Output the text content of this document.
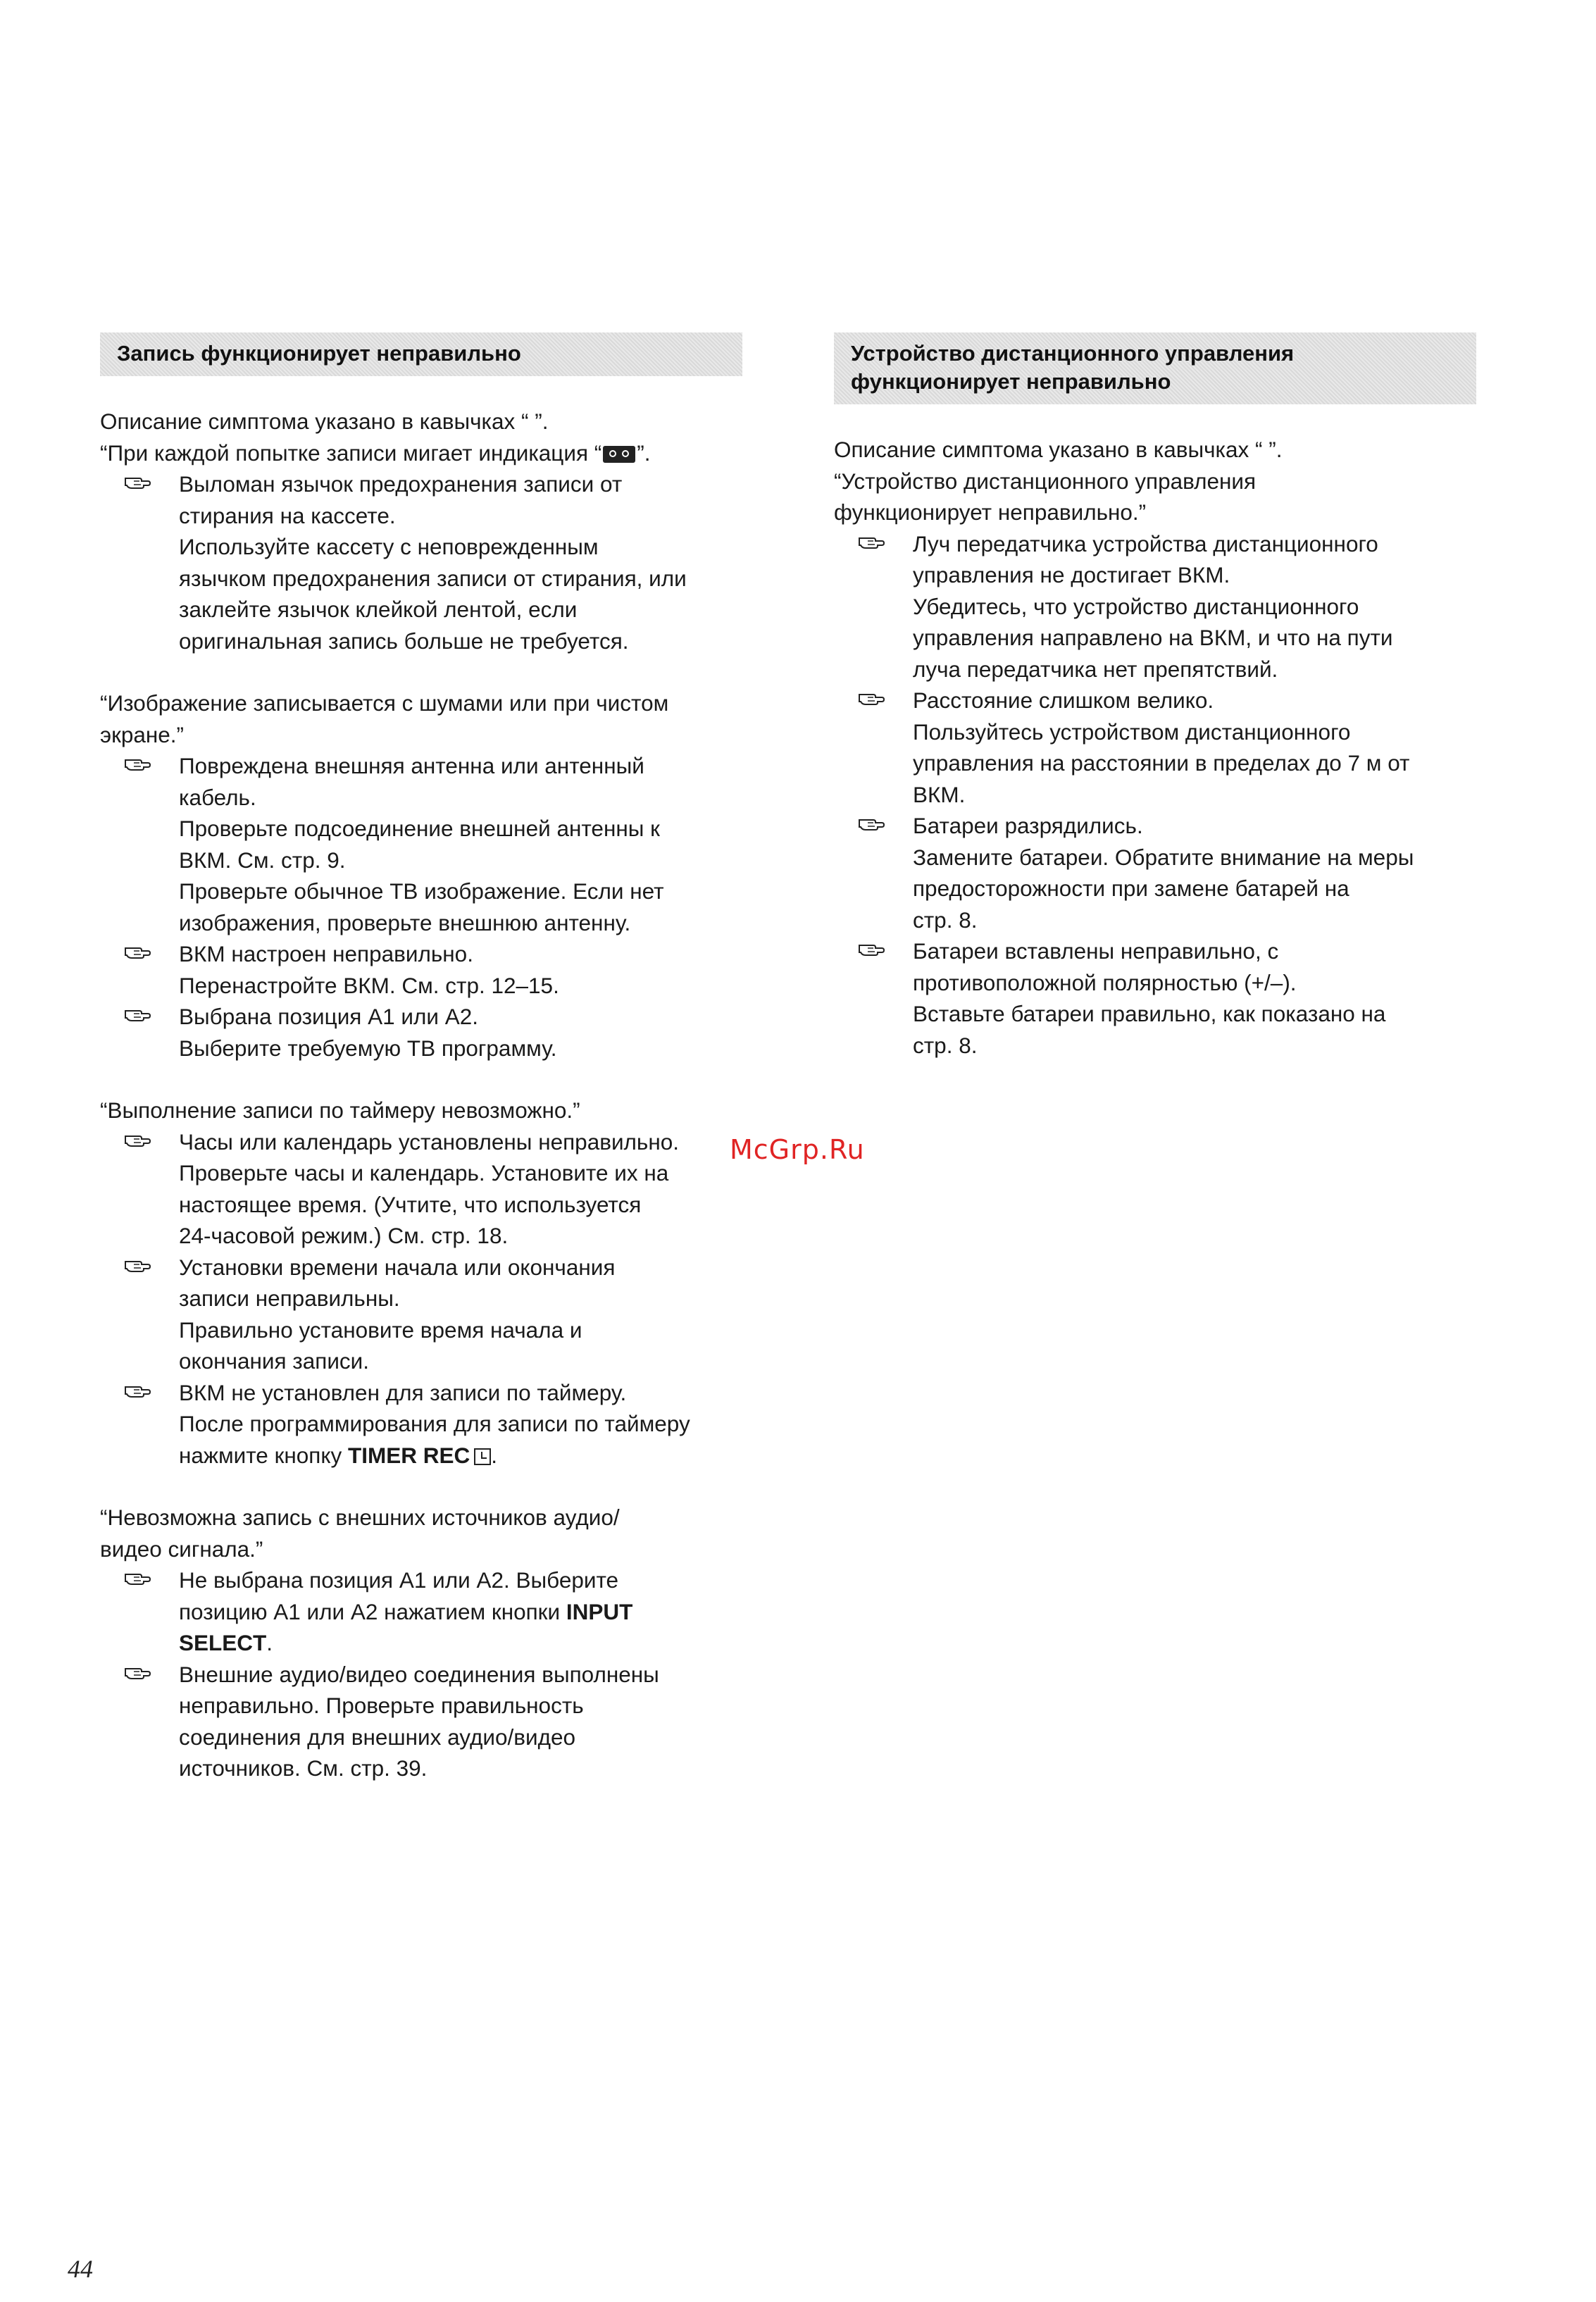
Запись функционирует неправильно
Описание симптома указано в кавычках “ ”.
“При каждой попытке записи мигает индикация “ ”.
Выломан язычок предохранения записи от
стирания на кассете.
Используйте кассету с неповрежденным
язычком предохранения записи от стирания, или
заклейте язычок клейкой лентой, если
оригинальная запись больше не требуется.
“Изображение записывается с шумами или при чистом
экране.”
Повреждена внешняя антенна или антенный
кабель.
Проверьте подсоединение внешней антенны к
ВКМ. См. стр. 9.
Проверьте обычное ТВ изображение. Если нет
изображения, проверьте внешнюю антенну.
ВКМ настроен неправильно.
Перенастройте ВКМ. См. стр. 12–15.
Выбрана позиция А1 или А2.
Выберите требуемую ТВ программу.
“Выполнение записи по таймеру невозможно.”
Часы или календарь установлены неправильно.
Проверьте часы и календарь. Установите их на
настоящее время. (Учтите, что используется
24-часовой режим.) См. стр. 18.
Установки времени начала или окончания
записи неправильны.
Правильно установите время начала и
окончания записи.
ВКМ не установлен для записи по таймеру.
После программирования для записи по таймеру
нажмите кнопку TIMER REC .
“Невозможна запись с внешних источников аудио/
видео сигнала.”
Не выбрана позиция А1 или А2. Выберите
позицию А1 или А2 нажатием кнопки INPUT
SELECT.
Внешние аудио/видео соединения выполнены
неправильно. Проверьте правильность
соединения для внешних аудио/видео
источников. См. стр. 39.
Устройство дистанционного управления
функционирует неправильно
Описание симптома указано в кавычках “ ”.
“Устройство дистанционного управления
функционирует неправильно.”
Луч передатчика устройства дистанционного
управления не достигает ВКМ.
Убедитесь, что устройство дистанционного
управления направлено на ВКМ, и что на пути
луча передатчика нет препятствий.
Расстояние слишком велико.
Пользуйтесь устройством дистанционного
управления на расстоянии в пределах до 7 м от
ВКМ.
Батареи разрядились.
Замените батареи. Обратите внимание на меры
предосторожности при замене батарей на
стр. 8.
Батареи вставлены неправильно, с
противоположной полярностью (+/–).
Вставьте батареи правильно, как показано на
стр. 8.
McGrp.Ru
44
